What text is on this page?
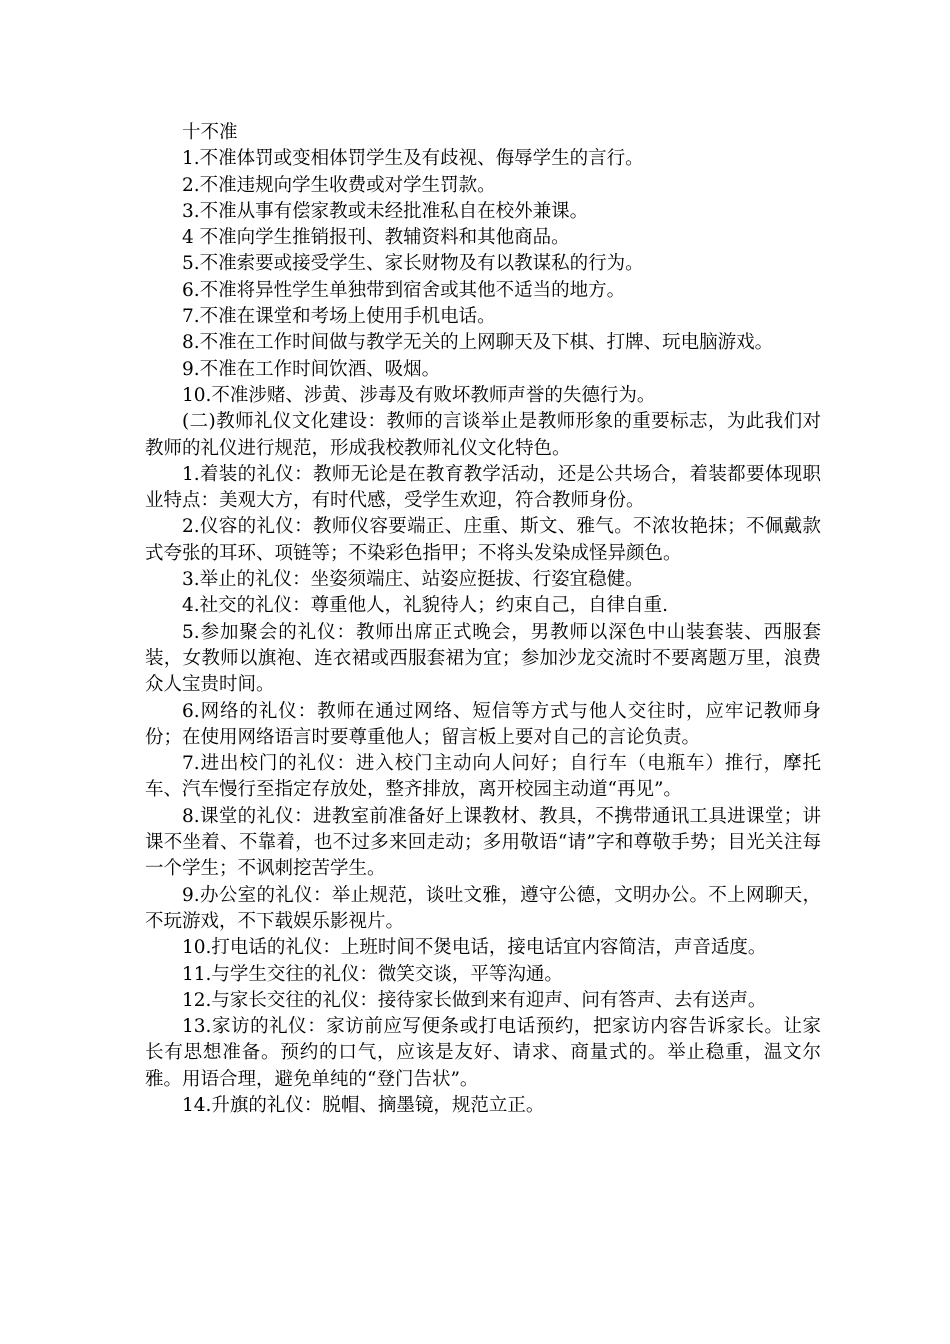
十不准

1.不准体罚或变相体罚学生及有歧视、侮辱学生的言行。

2.不准违规向学生收费或对学生罚款。

3.不准从事有偿家教或未经批准私自在校外兼课。

4 不准向学生推销报刊、教辅资料和其他商品。

5.不准索要或接受学生、家长财物及有以教谋私的行为。

6.不准将异性学生单独带到宿舍或其他不适当的地方。

7.不准在课堂和考场上使用手机电话。

8.不准在工作时间做与教学无关的上网聊天及下棋、打牌、玩电脑游戏。

9.不准在工作时间饮酒、吸烟。

10.不准涉赌、涉黄、涉毒及有败坏教师声誉的失德行为。

(二)教师礼仪文化建设：教师的言谈举止是教师形象的重要标志，为此我们对教师的礼仪进行规范，形成我校教师礼仪文化特色。

1.着装的礼仪：教师无论是在教育教学活动，还是公共场合，着装都要体现职业特点：美观大方，有时代感，受学生欢迎，符合教师身份。

2.仪容的礼仪：教师仪容要端正、庄重、斯文、雅气。不浓妆艳抹；不佩戴款式夸张的耳环、项链等；不染彩色指甲；不将头发染成怪异颜色。

3.举止的礼仪：坐姿须端庄、站姿应挺拔、行姿宜稳健。

4.社交的礼仪：尊重他人，礼貌待人；约束自己，自律自重.

5.参加聚会的礼仪：教师出席正式晚会，男教师以深色中山装套装、西服套装，女教师以旗袍、连衣裙或西服套裙为宜；参加沙龙交流时不要离题万里，浪费众人宝贵时间。

6.网络的礼仪：教师在通过网络、短信等方式与他人交往时，应牢记教师身份；在使用网络语言时要尊重他人；留言板上要对自己的言论负责。

7.进出校门的礼仪：进入校门主动向人问好；自行车（电瓶车）推行，摩托车、汽车慢行至指定存放处，整齐排放，离开校园主动道“再见”。

8.课堂的礼仪：进教室前准备好上课教材、教具，不携带通讯工具进课堂；讲课不坐着、不靠着，也不过多来回走动；多用敬语“请”字和尊敬手势；目光关注每一个学生；不讽刺挖苦学生。

9.办公室的礼仪：举止规范，谈吐文雅，遵守公德，文明办公。不上网聊天，不玩游戏，不下载娱乐影视片。

10.打电话的礼仪：上班时间不煲电话，接电话宜内容简洁，声音适度。

11.与学生交往的礼仪：微笑交谈，平等沟通。

12.与家长交往的礼仪：接待家长做到来有迎声、问有答声、去有送声。

13.家访的礼仪：家访前应写便条或打电话预约，把家访内容告诉家长。让家长有思想准备。预约的口气，应该是友好、请求、商量式的。举止稳重，温文尔雅。用语合理，避免单纯的“登门告状”。

14.升旗的礼仪：脱帽、摘墨镜，规范立正。
